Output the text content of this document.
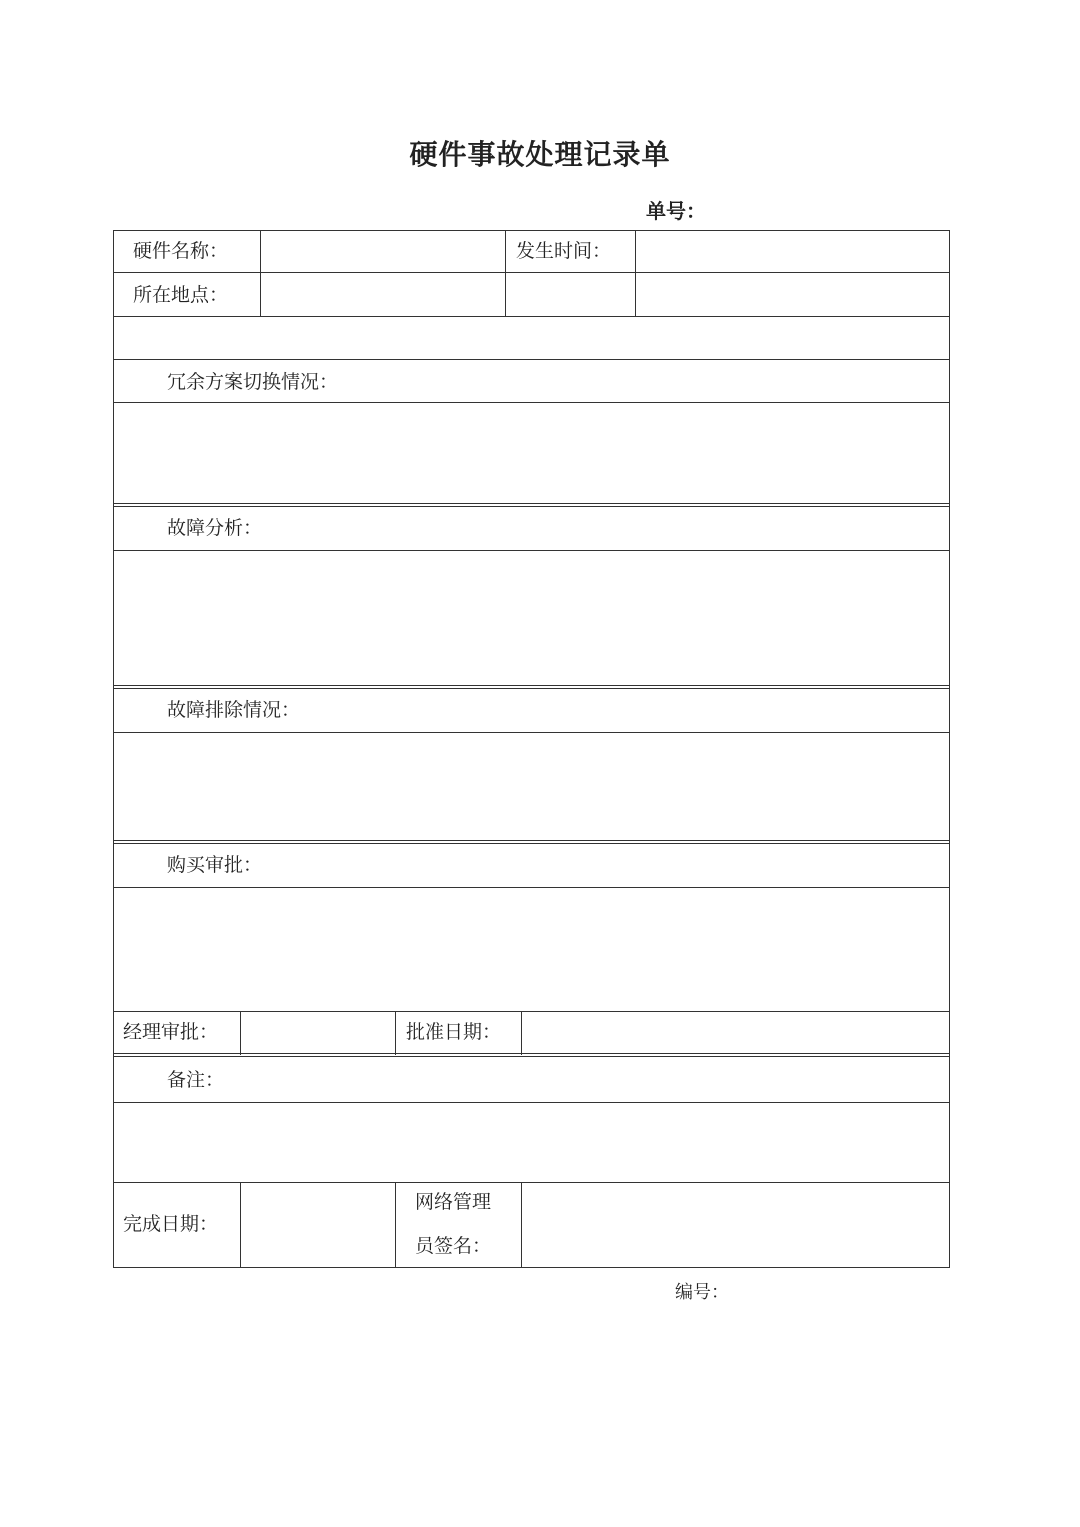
硬件事故处理记录单
单号：
硬件名称：	发生时间：
所在地点：
冗余方案切换情况：
故障分析：
故障排除情况：
购买审批：
经理审批：	批准日期：
备注：
完成日期：
网络管理
员签名：
编号：
